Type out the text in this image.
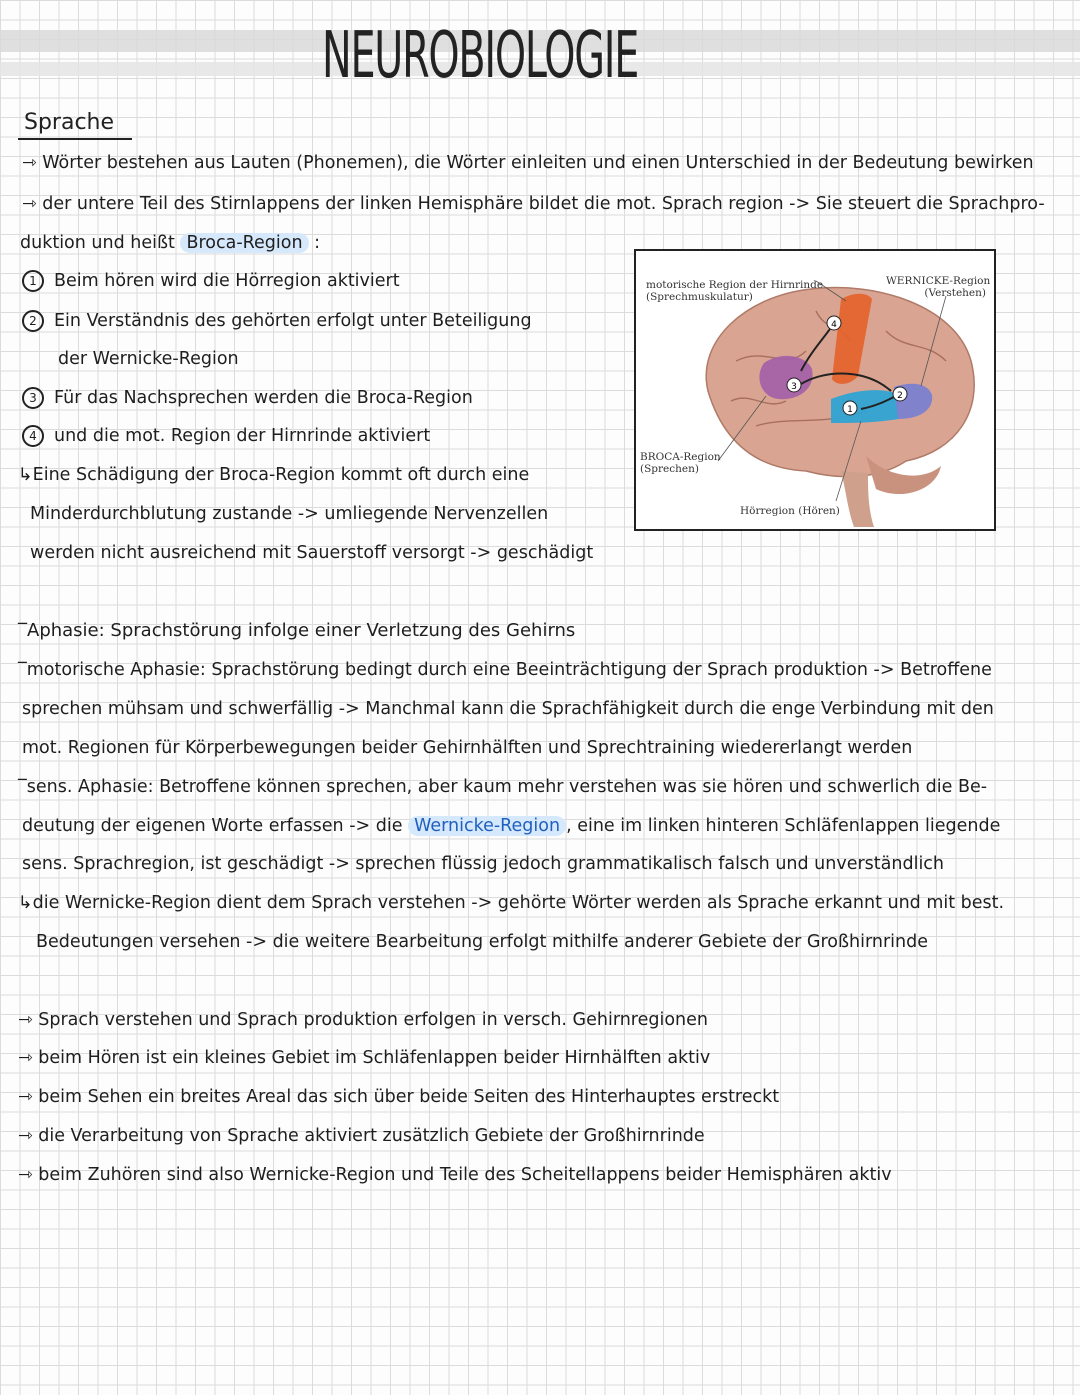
NEUROBIOLOGIE
Sprache
⇾ Wörter bestehen aus Lauten (Phonemen), die Wörter einleiten und einen Unterschied in der Bedeutung bewirken
⇾ der untere Teil des Stirnlappens der linken Hemisphäre bildet die mot. Sprach region -> Sie steuert die Sprachpro-
duktion und heißt Broca-Region :
1 Beim hören wird die Hörregion aktiviert
2 Ein Verständnis des gehörten erfolgt unter Beteiligung
der Wernicke-Region
3 Für das Nachsprechen werden die Broca-Region
4 und die mot. Region der Hirnrinde aktiviert
↳Eine Schädigung der Broca-Region kommt oft durch eine
Minderdurchblutung zustande -> umliegende Nervenzellen
werden nicht ausreichend mit Sauerstoff versorgt -> geschädigt
4
3
1
2
motorische Region der Hirnrinde
(Sprechmuskulatur)
WERNICKE-Region
(Verstehen)
BROCA-Region
(Sprechen)
Hörregion (Hören)
‾Aphasie: Sprachstörung infolge einer Verletzung des Gehirns
‾motorische Aphasie: Sprachstörung bedingt durch eine Beeinträchtigung der Sprach produktion -> Betroffene
sprechen mühsam und schwerfällig -> Manchmal kann die Sprachfähigkeit durch die enge Verbindung mit den
mot. Regionen für Körperbewegungen beider Gehirnhälften und Sprechtraining wiedererlangt werden
‾sens. Aphasie: Betroffene können sprechen, aber kaum mehr verstehen was sie hören und schwerlich die Be-
deutung der eigenen Worte erfassen -> die Wernicke-Region , eine im linken hinteren Schläfenlappen liegende
sens. Sprachregion, ist geschädigt -> sprechen flüssig jedoch grammatikalisch falsch und unverständlich
↳die Wernicke-Region dient dem Sprach verstehen -> gehörte Wörter werden als Sprache erkannt und mit best.
Bedeutungen versehen -> die weitere Bearbeitung erfolgt mithilfe anderer Gebiete der Großhirnrinde
⇾ Sprach verstehen und Sprach produktion erfolgen in versch. Gehirnregionen
⇾ beim Hören ist ein kleines Gebiet im Schläfenlappen beider Hirnhälften aktiv
⇾ beim Sehen ein breites Areal das sich über beide Seiten des Hinterhauptes erstreckt
⇾ die Verarbeitung von Sprache aktiviert zusätzlich Gebiete der Großhirnrinde
⇾ beim Zuhören sind also Wernicke-Region und Teile des Scheitellappens beider Hemisphären aktiv
